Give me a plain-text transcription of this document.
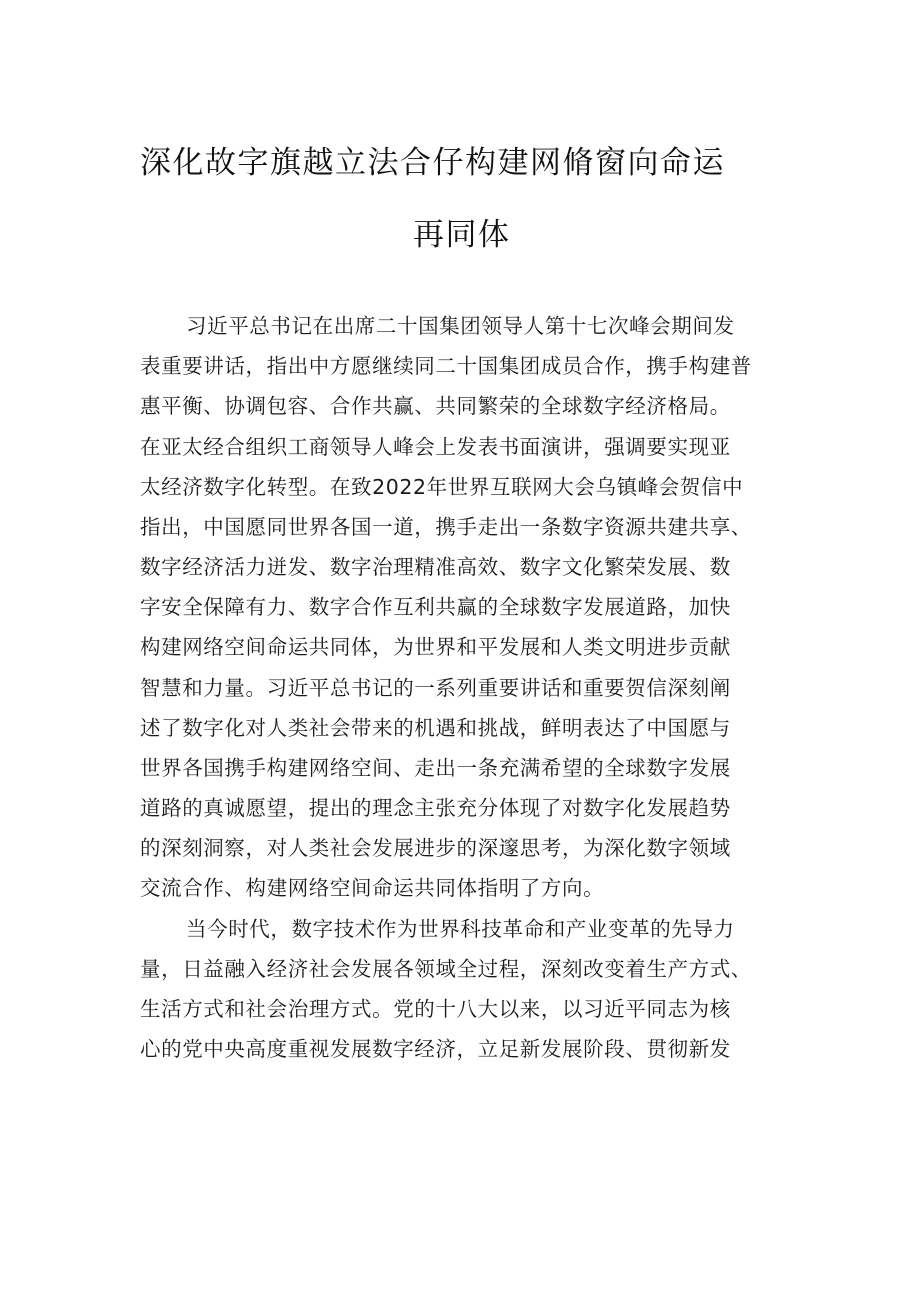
深化故字旗越立法合仔构建网脩窗向命运
再同体
习近平总书记在出席二十国集团领导人第十七次峰会期间发
表重要讲话，指出中方愿继续同二十国集团成员合作，携手构建普
惠平衡、协调包容、合作共赢、共同繁荣的全球数字经济格局。
在亚太经合组织工商领导人峰会上发表书面演讲，强调要实现亚
太经济数字化转型。在致2022年世界互联网大会乌镇峰会贺信中
指出，中国愿同世界各国一道，携手走出一条数字资源共建共享、
数字经济活力迸发、数字治理精准高效、数字文化繁荣发展、数
字安全保障有力、数字合作互利共赢的全球数字发展道路，加快
构建网络空间命运共同体，为世界和平发展和人类文明进步贡献
智慧和力量。习近平总书记的一系列重要讲话和重要贺信深刻阐
述了数字化对人类社会带来的机遇和挑战，鲜明表达了中国愿与
世界各国携手构建网络空间、走出一条充满希望的全球数字发展
道路的真诚愿望，提出的理念主张充分体现了对数字化发展趋势
的深刻洞察，对人类社会发展进步的深邃思考，为深化数字领域
交流合作、构建网络空间命运共同体指明了方向。
当今时代，数字技术作为世界科技革命和产业变革的先导力
量，日益融入经济社会发展各领域全过程，深刻改变着生产方式、
生活方式和社会治理方式。党的十八大以来，以习近平同志为核
心的党中央高度重视发展数字经济，立足新发展阶段、贯彻新发
